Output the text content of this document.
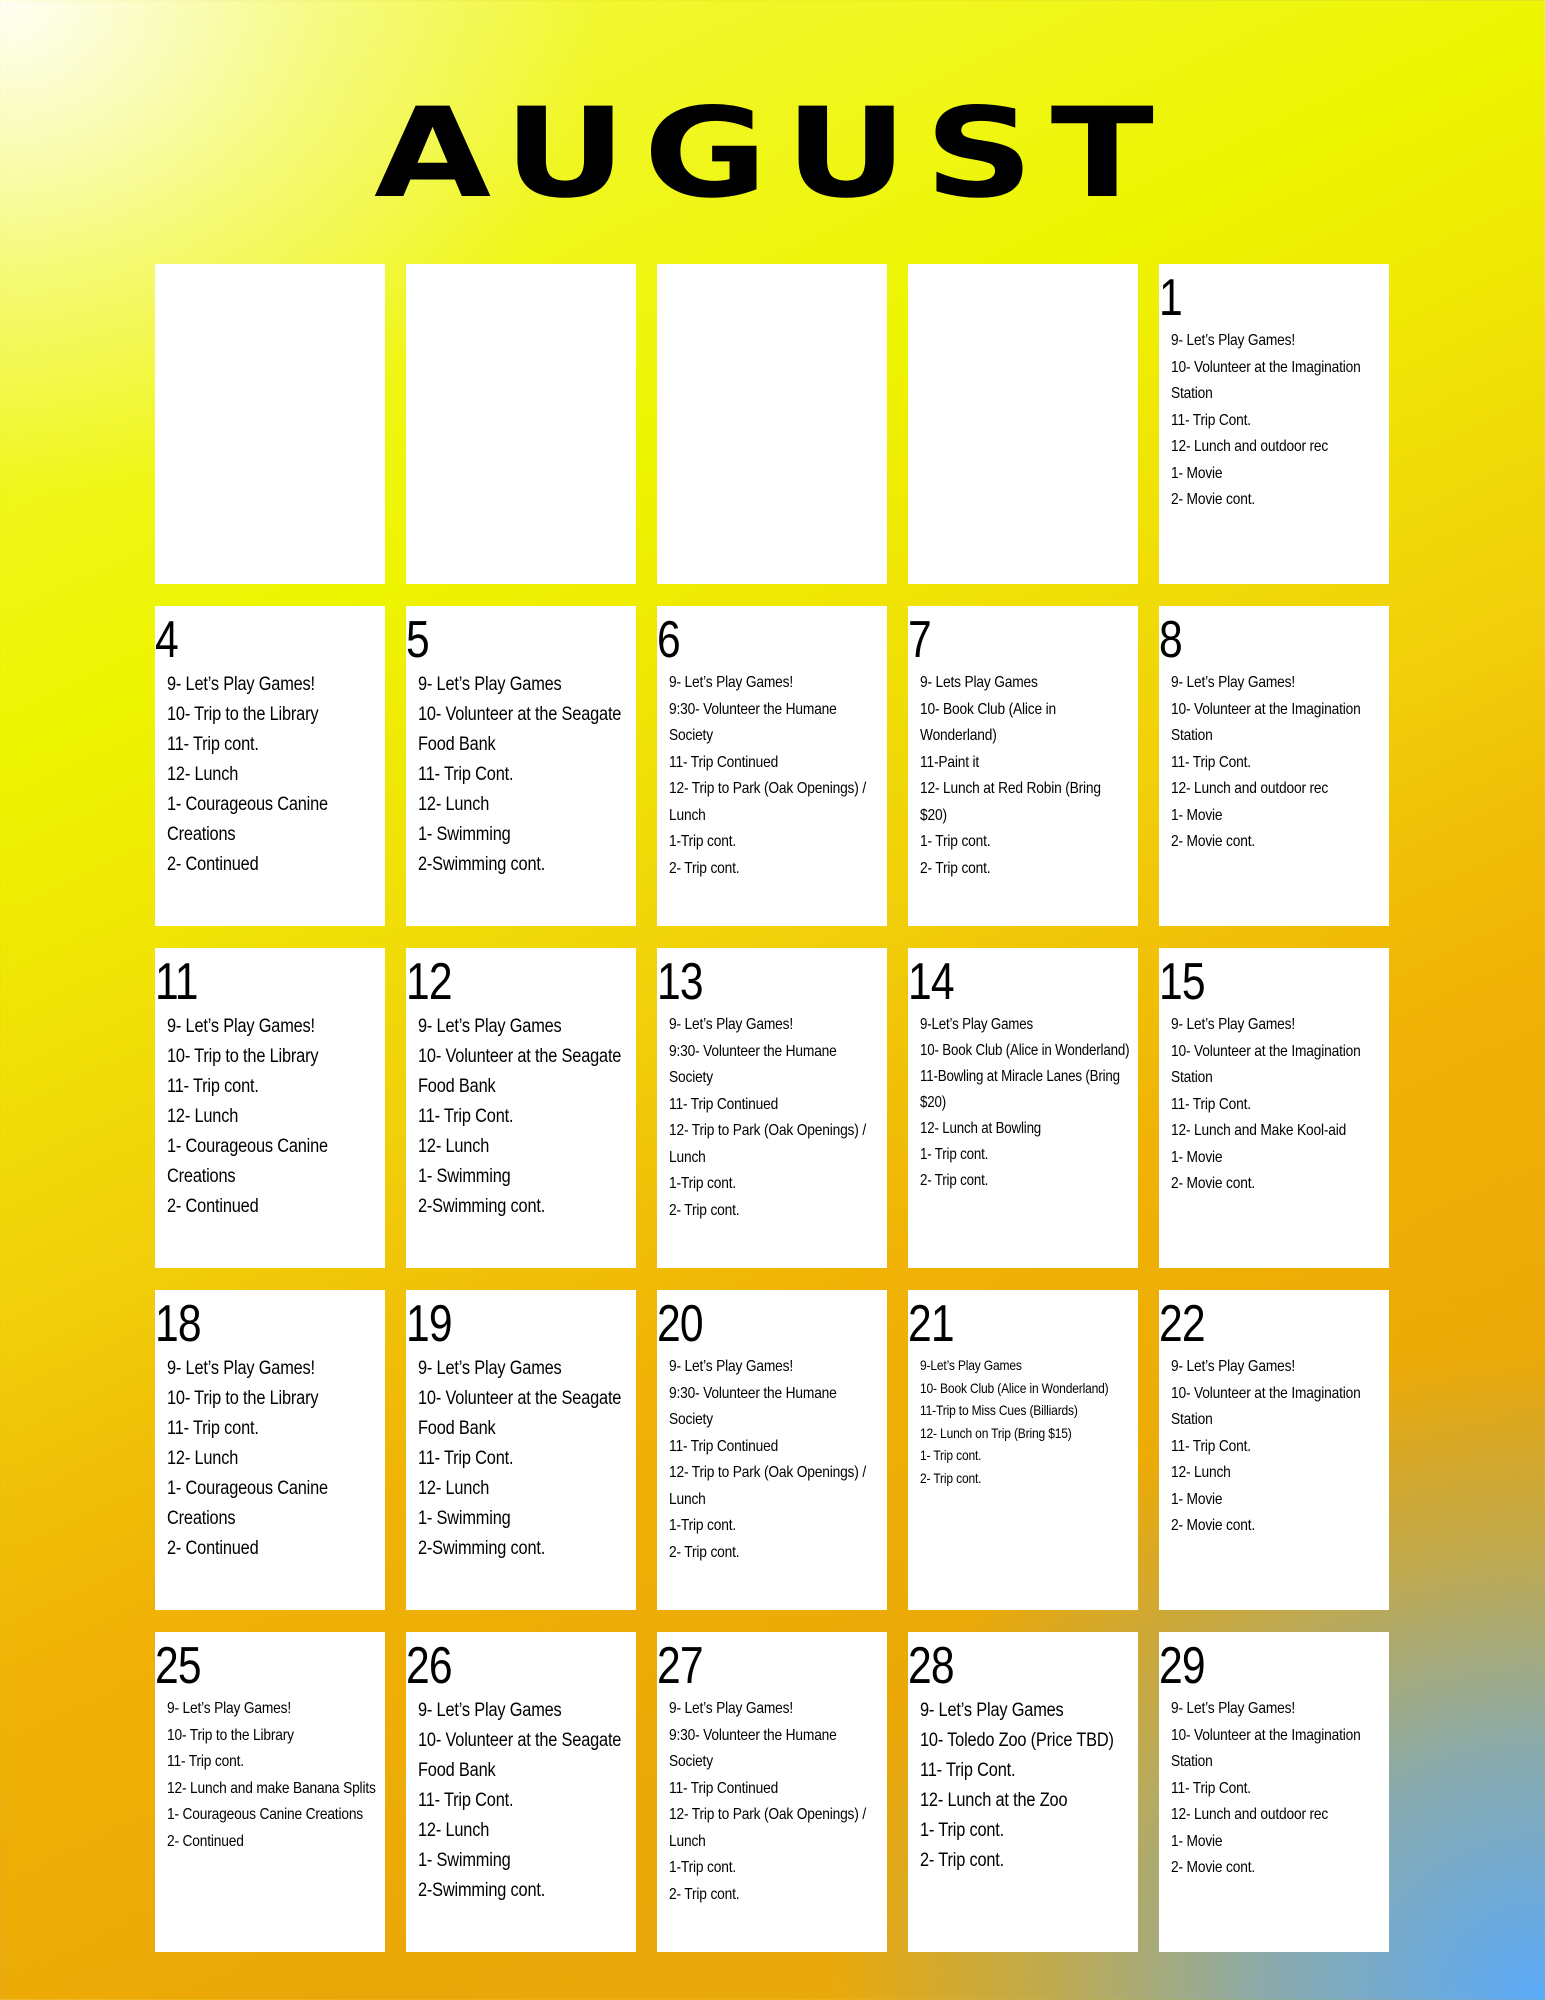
AUGUST
1
9- Let’s Play Games!
10- Volunteer at the Imagination Station
11- Trip Cont.
12- Lunch and outdoor rec
1- Movie
2- Movie cont.
4
9- Let’s Play Games!
10- Trip to the Library
11- Trip cont.
12- Lunch
1- Courageous Canine Creations
2- Continued
5
9- Let’s Play Games
10- Volunteer at the Seagate Food Bank
11- Trip Cont.
12- Lunch
1- Swimming
2-Swimming cont.
6
9- Let’s Play Games!
9:30- Volunteer the Humane Society
11- Trip Continued
12- Trip to Park (Oak Openings) / Lunch
1-Trip cont.
2- Trip cont.
7
9- Lets Play Games
10- Book Club (Alice in Wonderland)
11-Paint it
12- Lunch at Red Robin (Bring $20)
1- Trip cont.
2- Trip cont.
8
9- Let’s Play Games!
10- Volunteer at the Imagination Station
11- Trip Cont.
12- Lunch and outdoor rec
1- Movie
2- Movie cont.
11
9- Let’s Play Games!
10- Trip to the Library
11- Trip cont.
12- Lunch
1- Courageous Canine Creations
2- Continued
12
9- Let’s Play Games
10- Volunteer at the Seagate Food Bank
11- Trip Cont.
12- Lunch
1- Swimming
2-Swimming cont.
13
9- Let’s Play Games!
9:30- Volunteer the Humane Society
11- Trip Continued
12- Trip to Park (Oak Openings) / Lunch
1-Trip cont.
2- Trip cont.
14
9-Let’s Play Games
10- Book Club (Alice in Wonderland)
11-Bowling at Miracle Lanes (Bring $20)
12- Lunch at Bowling
1- Trip cont.
2- Trip cont.
15
9- Let’s Play Games!
10- Volunteer at the Imagination Station
11- Trip Cont.
12- Lunch and Make Kool-aid
1- Movie
2- Movie cont.
18
9- Let’s Play Games!
10- Trip to the Library
11- Trip cont.
12- Lunch
1- Courageous Canine Creations
2- Continued
19
9- Let’s Play Games
10- Volunteer at the Seagate Food Bank
11- Trip Cont.
12- Lunch
1- Swimming
2-Swimming cont.
20
9- Let’s Play Games!
9:30- Volunteer the Humane Society
11- Trip Continued
12- Trip to Park (Oak Openings) / Lunch
1-Trip cont.
2- Trip cont.
21
9-Let’s Play Games
10- Book Club (Alice in Wonderland)
11-Trip to Miss Cues (Billiards)
12- Lunch on Trip (Bring $15)
1- Trip cont.
2- Trip cont.
22
9- Let’s Play Games!
10- Volunteer at the Imagination Station
11- Trip Cont.
12- Lunch
1- Movie
2- Movie cont.
25
9- Let’s Play Games!
10- Trip to the Library
11- Trip cont.
12- Lunch and make Banana Splits
1- Courageous Canine Creations
2- Continued
26
9- Let’s Play Games
10- Volunteer at the Seagate Food Bank
11- Trip Cont.
12- Lunch
1- Swimming
2-Swimming cont.
27
9- Let’s Play Games!
9:30- Volunteer the Humane Society
11- Trip Continued
12- Trip to Park (Oak Openings) / Lunch
1-Trip cont.
2- Trip cont.
28
9- Let’s Play Games
10- Toledo Zoo (Price TBD)
11- Trip Cont.
12- Lunch at the Zoo
1- Trip cont.
2- Trip cont.
29
9- Let’s Play Games!
10- Volunteer at the Imagination Station
11- Trip Cont.
12- Lunch and outdoor rec
1- Movie
2- Movie cont.
